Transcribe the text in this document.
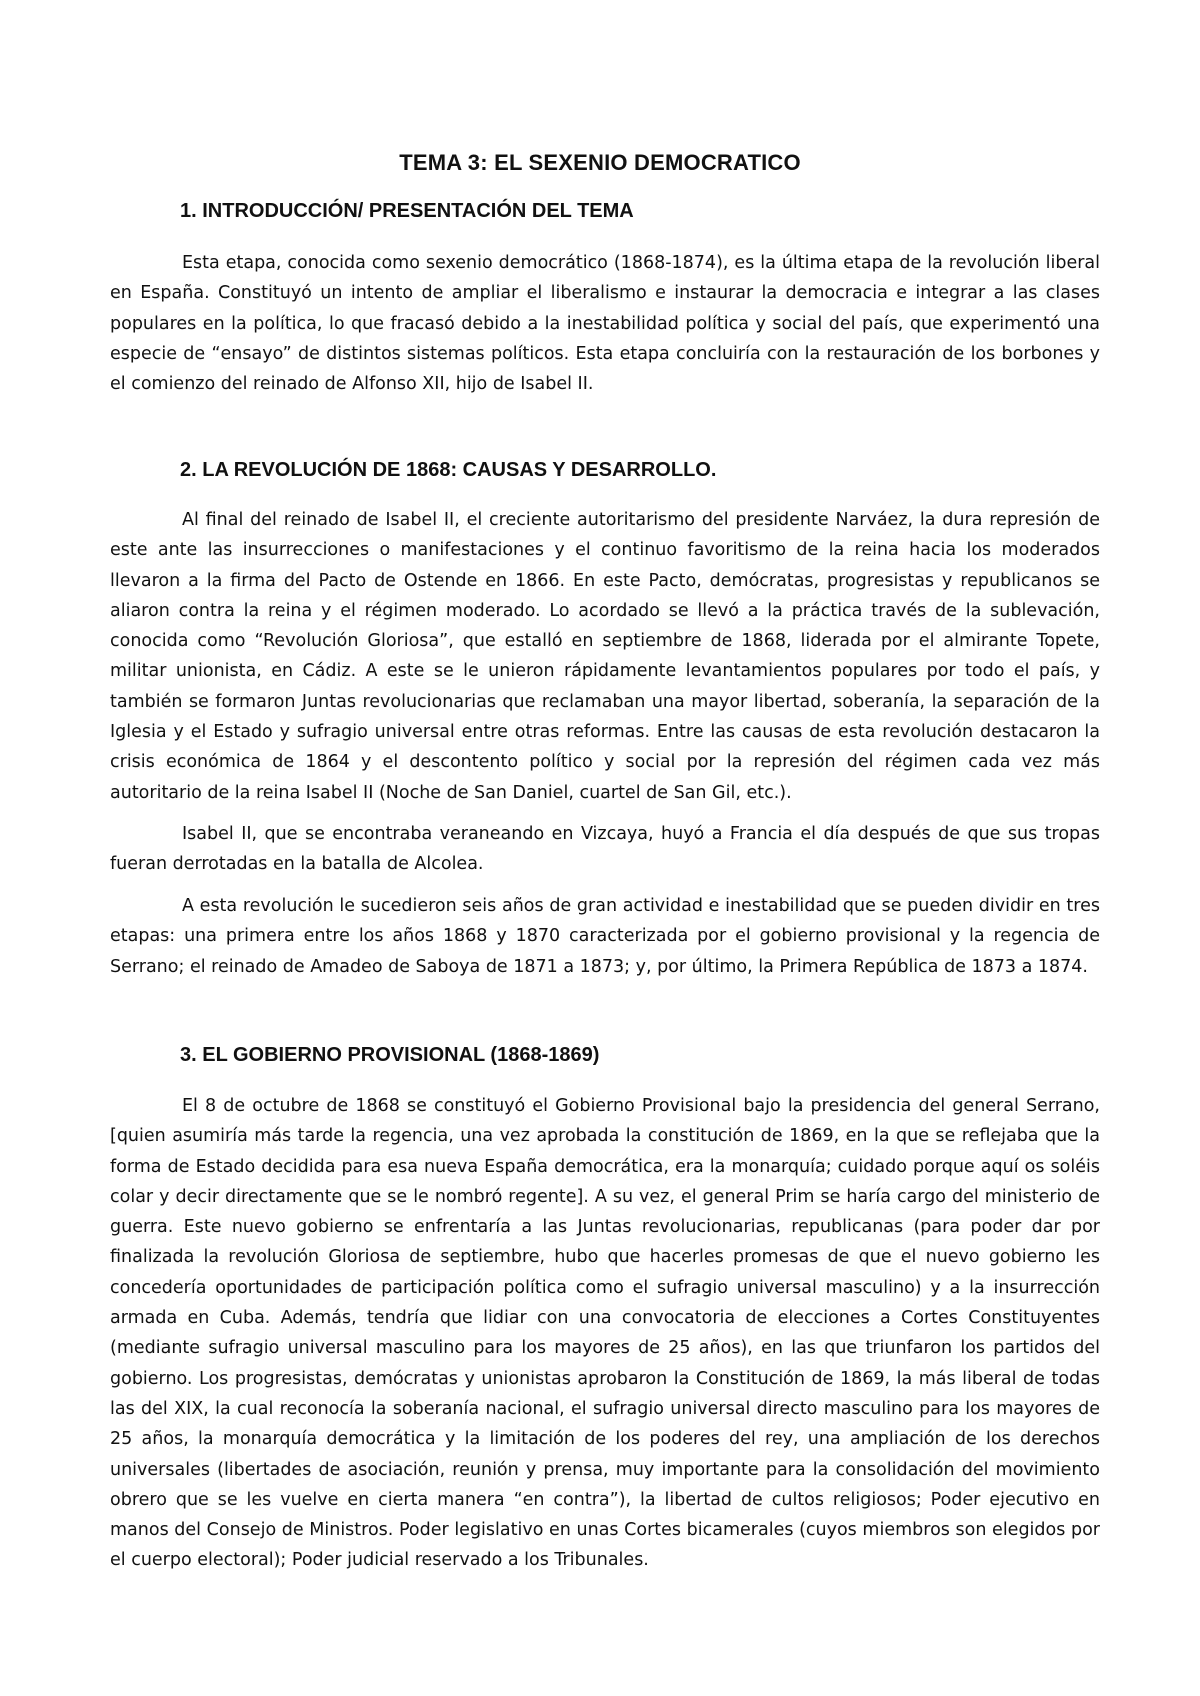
TEMA 3: EL SEXENIO DEMOCRATICO
1. INTRODUCCIÓN/ PRESENTACIÓN DEL TEMA

Esta etapa, conocida como sexenio democrático (1868-1874), es la última etapa de la revolución liberal en España. Constituyó un intento de ampliar el liberalismo e instaurar la democracia e integrar a las clases populares en la política, lo que fracasó debido a la inestabilidad política y social del país, que experimentó una especie de “ensayo” de distintos sistemas políticos. Esta etapa concluiría con la restauración de los borbones y el comienzo del reinado de Alfonso XII, hijo de Isabel II.

2. LA REVOLUCIÓN DE 1868: CAUSAS Y DESARROLLO.

Al final del reinado de Isabel II, el creciente autoritarismo del presidente Narváez, la dura represión de este ante las insurrecciones o manifestaciones y el continuo favoritismo de la reina hacia los moderados llevaron a la firma del Pacto de Ostende en 1866. En este Pacto, demócratas, progresistas y republicanos se aliaron contra la reina y el régimen moderado. Lo acordado se llevó a la práctica través de la sublevación, conocida como “Revolución Gloriosa”, que estalló en septiembre de 1868, liderada por el almirante Topete, militar unionista, en Cádiz. A este se le unieron rápidamente levantamientos populares por todo el país, y también se formaron Juntas revolucionarias que reclamaban una mayor libertad, soberanía, la separación de la Iglesia y el Estado y sufragio universal entre otras reformas. Entre las causas de esta revolución destacaron la crisis económica de 1864 y el descontento político y social por la represión del régimen cada vez más autoritario de la reina Isabel II (Noche de San Daniel, cuartel de San Gil, etc.).

Isabel II, que se encontraba veraneando en Vizcaya, huyó a Francia el día después de que sus tropas fueran derrotadas en la batalla de Alcolea.

A esta revolución le sucedieron seis años de gran actividad e inestabilidad que se pueden dividir en tres etapas: una primera entre los años 1868 y 1870 caracterizada por el gobierno provisional y la regencia de Serrano; el reinado de Amadeo de Saboya de 1871 a 1873; y, por último, la Primera República de 1873 a 1874.

3. EL GOBIERNO PROVISIONAL (1868-1869)

El 8 de octubre de 1868 se constituyó el Gobierno Provisional bajo la presidencia del general Serrano, [quien asumiría más tarde la regencia, una vez aprobada la constitución de 1869, en la que se reflejaba que la forma de Estado decidida para esa nueva España democrática, era la monarquía; cuidado porque aquí os soléis colar y decir directamente que se le nombró regente]. A su vez, el general Prim se haría cargo del ministerio de guerra. Este nuevo gobierno se enfrentaría a las Juntas revolucionarias, republicanas (para poder dar por finalizada la revolución Gloriosa de septiembre, hubo que hacerles promesas de que el nuevo gobierno les concedería oportunidades de participación política como el sufragio universal masculino) y a la insurrección armada en Cuba. Además, tendría que lidiar con una convocatoria de elecciones a Cortes Constituyentes (mediante sufragio universal masculino para los mayores de 25 años), en las que triunfaron los partidos del gobierno. Los progresistas, demócratas y unionistas aprobaron la Constitución de 1869, la más liberal de todas las del XIX, la cual reconocía la soberanía nacional, el sufragio universal directo masculino para los mayores de 25 años, la monarquía democrática y la limitación de los poderes del rey, una ampliación de los derechos universales (libertades de asociación, reunión y prensa, muy importante para la consolidación del movimiento obrero que se les vuelve en cierta manera “en contra”), la libertad de cultos religiosos; Poder ejecutivo en manos del Consejo de Ministros. Poder legislativo en unas Cortes bicamerales (cuyos miembros son elegidos por el cuerpo electoral); Poder judicial reservado a los Tribunales.
